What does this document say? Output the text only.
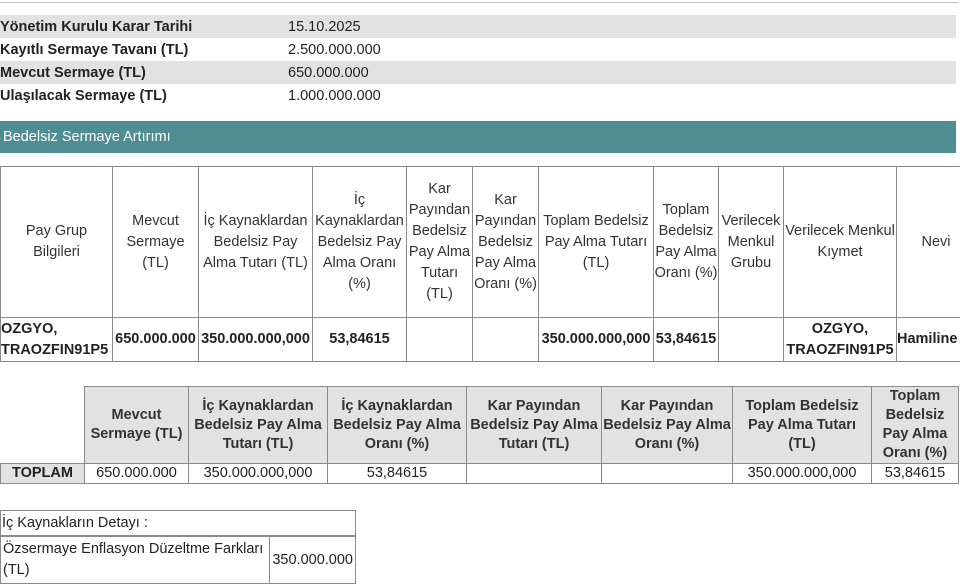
Yönetim Kurulu Karar Tarihi	15.10.2025
Kayıtlı Sermaye Tavanı (TL)	2.500.000.000
Mevcut Sermaye (TL)	650.000.000
Ulaşılacak Sermaye (TL)	1.000.000.000
Bedelsiz Sermaye Artırımı
Pay Grup Bilgileri	Mevcut Sermaye (TL)	İç Kaynaklardan Bedelsiz Pay Alma Tutarı (TL)	İç Kaynaklardan Bedelsiz Pay Alma Oranı (%)	Kar Payından Bedelsiz Pay Alma Tutarı (TL)	Kar Payından Bedelsiz Pay Alma Oranı (%)	Toplam Bedelsiz Pay Alma Tutarı (TL)	Toplam Bedelsiz Pay Alma Oranı (%)	Verilecek Menkul Grubu	Verilecek Menkul Kıymet	Nevi
OZGYO, TRAOZFIN91P5	650.000.000	350.000.000,000	53,84615			350.000.000,000	53,84615		OZGYO, TRAOZFIN91P5	Hamiline
	Mevcut Sermaye (TL)	İç Kaynaklardan Bedelsiz Pay Alma Tutarı (TL)	İç Kaynaklardan Bedelsiz Pay Alma Oranı (%)	Kar Payından Bedelsiz Pay Alma Tutarı (TL)	Kar Payından Bedelsiz Pay Alma Oranı (%)	Toplam Bedelsiz Pay Alma Tutarı (TL)	Toplam Bedelsiz Pay Alma Oranı (%)
TOPLAM	650.000.000	350.000.000,000	53,84615			350.000.000,000	53,84615
İç Kaynakların Detayı :
Özsermaye Enflasyon Düzeltme Farkları (TL)	350.000.000
